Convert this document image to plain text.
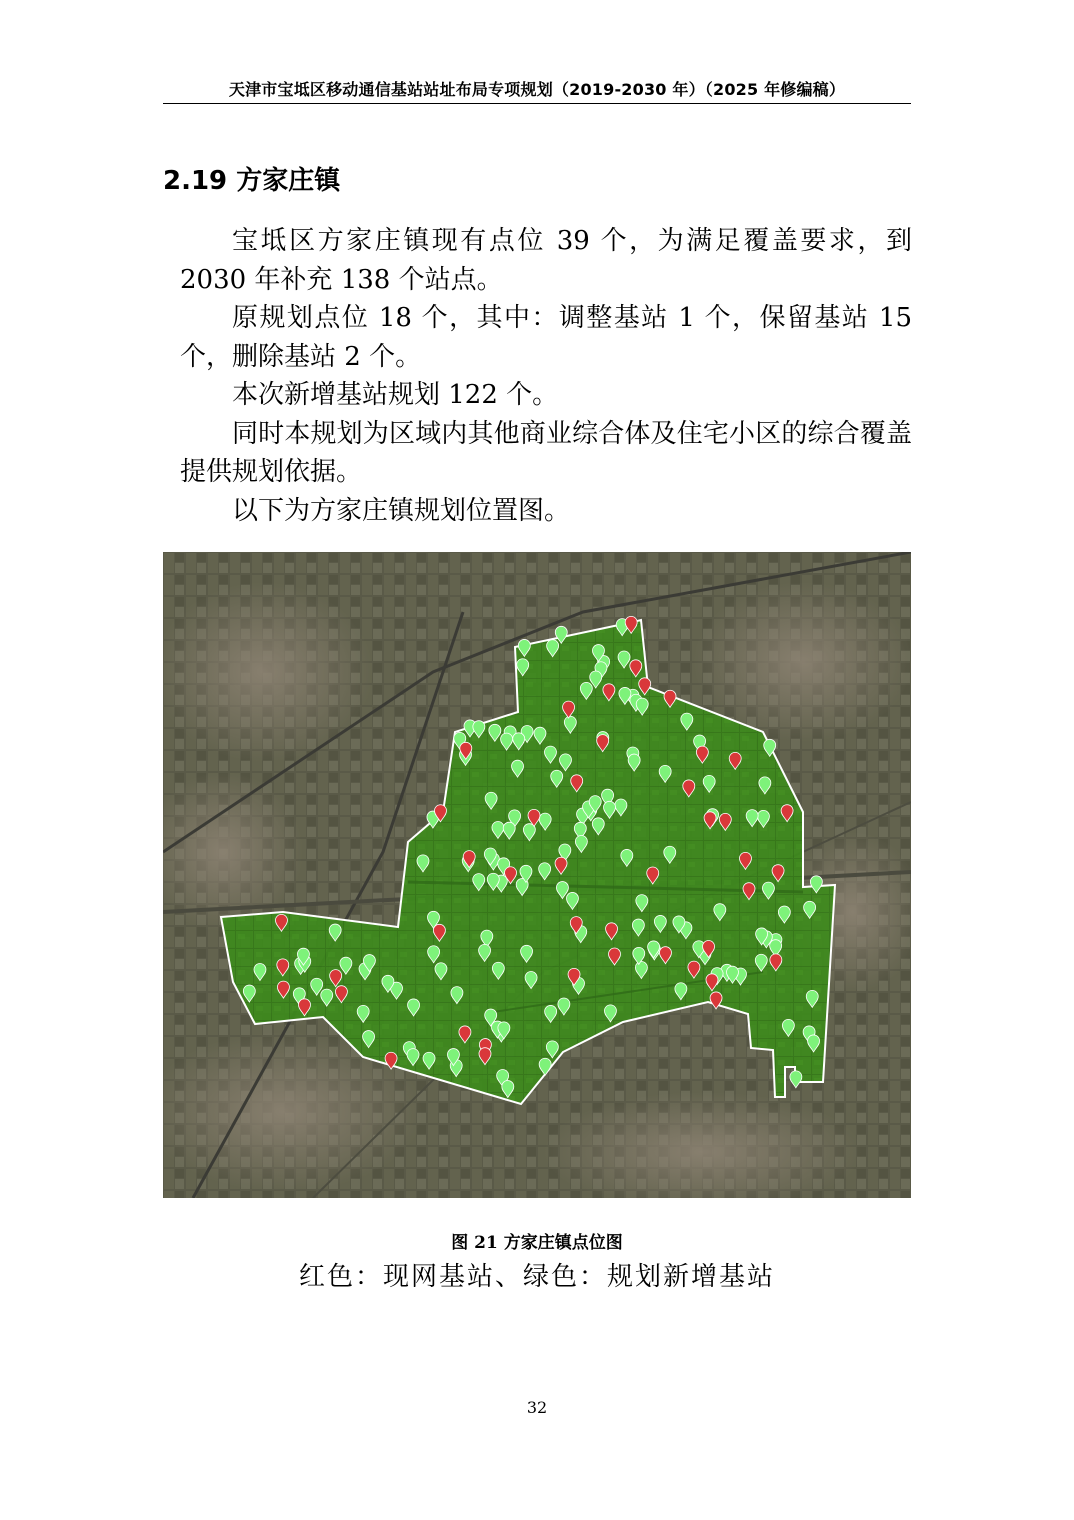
天津市宝坻区移动通信基站站址布局专项规划（2019-2030 年）（2025 年修编稿）
2.19 方家庄镇

宝坻区方家庄镇现有点位 39 个，为满足覆盖要求，到 2030 年补充 138 个站点。

原规划点位 18 个，其中：调整基站 1 个，保留基站 15 个，删除基站 2 个。

本次新增基站规划 122 个。

同时本规划为区域内其他商业综合体及住宅小区的综合覆盖提供规划依据。

以下为方家庄镇规划位置图。

图 21 方家庄镇点位图
红色：现网基站、绿色：规划新增基站
32
